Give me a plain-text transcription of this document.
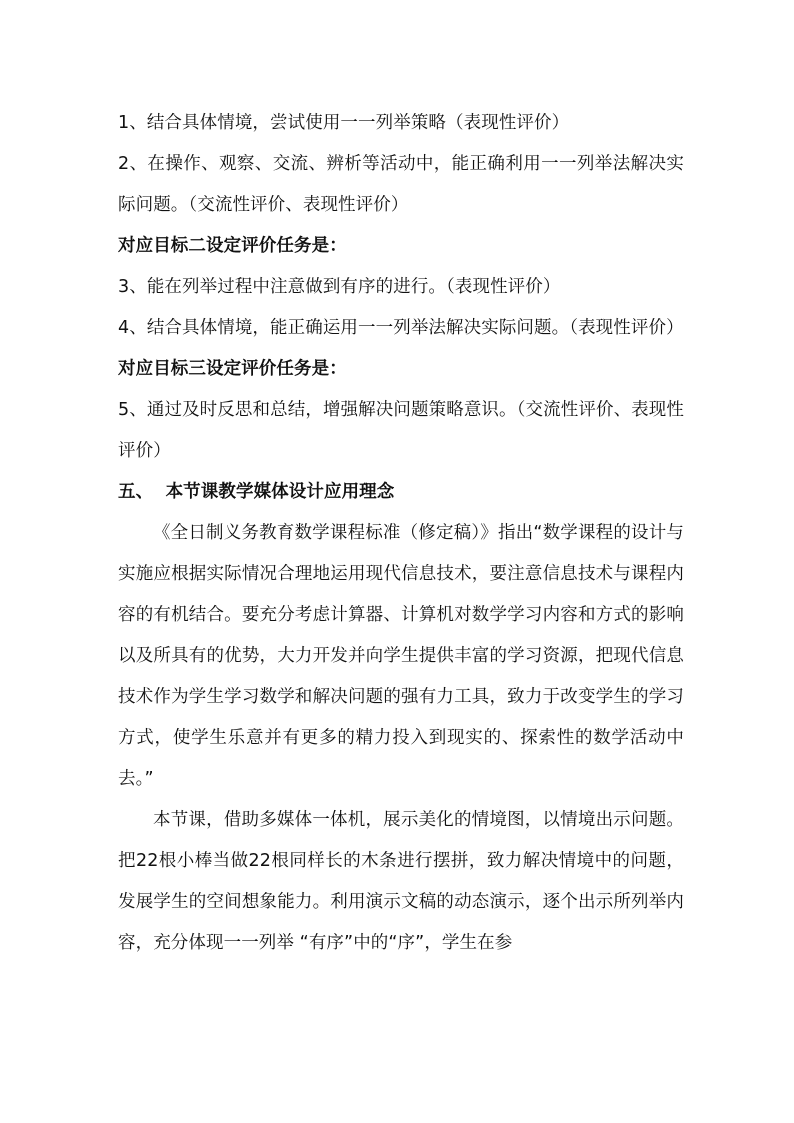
1、结合具体情境，尝试使用一一列举策略（表现性评价）

2、在操作、观察、交流、辨析等活动中，能正确利用一一列举法解决实际问题。（交流性评价、表现性评价）

对应目标二设定评价任务是：

3、能在列举过程中注意做到有序的进行。（表现性评价）

4、结合具体情境，能正确运用一一列举法解决实际问题。（表现性评价）

对应目标三设定评价任务是：

5、通过及时反思和总结，增强解决问题策略意识。（交流性评价、表现性评价）

五、  本节课教学媒体设计应用理念

《全日制义务教育数学课程标准（修定稿）》指出“数学课程的设计与实施应根据实际情况合理地运用现代信息技术，要注意信息技术与课程内容的有机结合。要充分考虑计算器、计算机对数学学习内容和方式的影响以及所具有的优势，大力开发并向学生提供丰富的学习资源，把现代信息技术作为学生学习数学和解决问题的强有力工具，致力于改变学生的学习方式，使学生乐意并有更多的精力投入到现实的、探索性的数学活动中去。”

本节课，借助多媒体一体机，展示美化的情境图，以情境出示问题。把22根小棒当做22根同样长的木条进行摆拼，致力解决情境中的问题，发展学生的空间想象能力。利用演示文稿的动态演示，逐个出示所列举内容，充分体现一一列举 “有序”中的“序”，学生在参
